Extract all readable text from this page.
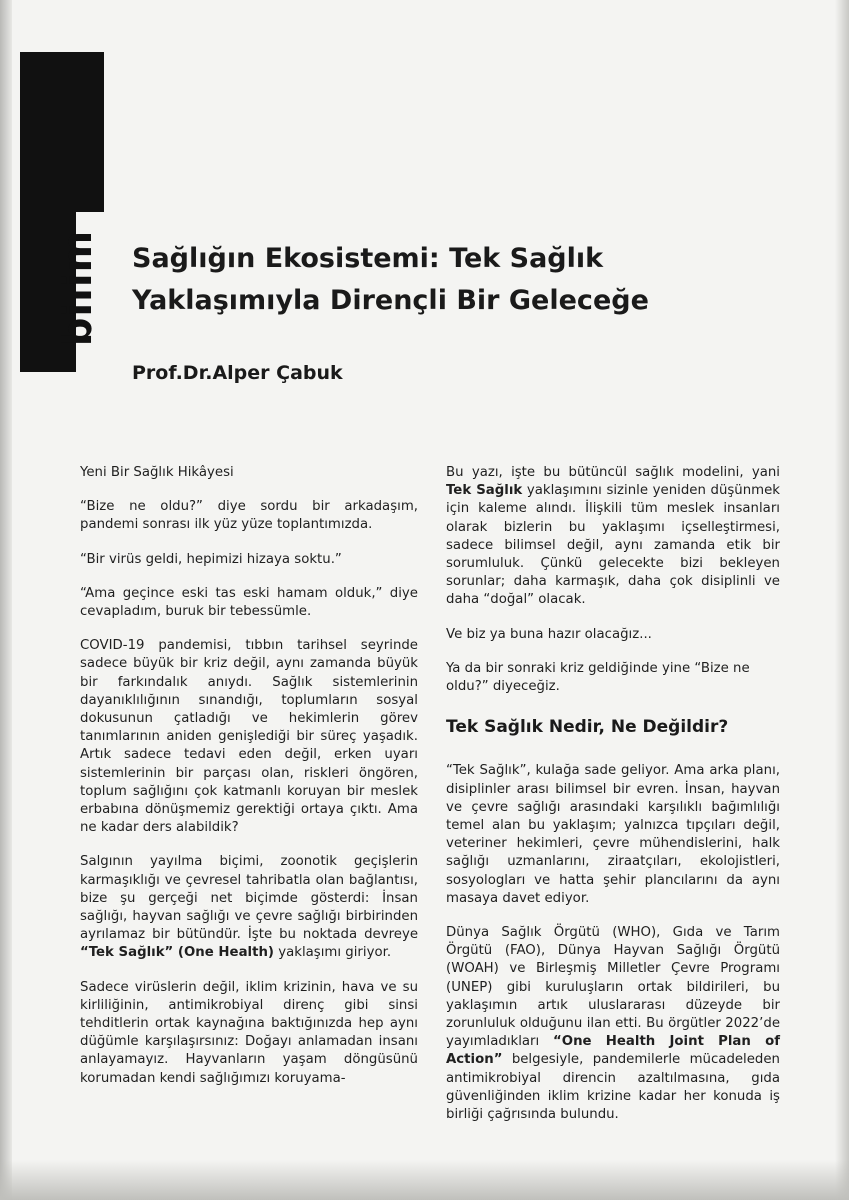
bilim Sağlığın Ekosistemi: Tek Sağlık
Yaklaşımıyla Dirençli Bir Geleceğe
Prof.Dr.Alper Çabuk

Yeni Bir Sağlık Hikâyesi

“Bize ne oldu?” diye sordu bir arkadaşım, pandemi sonrası ilk yüz yüze toplantımızda.

“Bir virüs geldi, hepimizi hizaya soktu.”

“Ama geçince eski tas eski hamam olduk,” diye cevapladım, buruk bir tebessümle.

COVID-19 pandemisi, tıbbın tarihsel seyrinde sadece büyük bir kriz değil, aynı zamanda büyük bir farkındalık anıydı. Sağlık sistemlerinin dayanıklılığının sınandığı, toplumların sosyal dokusunun çatladığı ve hekimlerin görev tanımlarının aniden genişlediği bir süreç yaşadık. Artık sadece tedavi eden değil, erken uyarı sistemlerinin bir parçası olan, riskleri öngören, toplum sağlığını çok katmanlı koruyan bir meslek erbabına dönüşmemiz gerektiği ortaya çıktı. Ama ne kadar ders alabildik?

Salgının yayılma biçimi, zoonotik geçişlerin karmaşıklığı ve çevresel tahribatla olan bağlantısı, bize şu gerçeği net biçimde gösterdi: İnsan sağlığı, hayvan sağlığı ve çevre sağlığı birbirinden ayrılamaz bir bütündür. İşte bu noktada devreye “Tek Sağlık” (One Health) yaklaşımı giriyor.

Sadece virüslerin değil, iklim krizinin, hava ve su kirliliğinin, antimikrobiyal direnç gibi sinsi tehditlerin ortak kaynağına baktığınızda hep aynı düğümle karşılaşırsınız: Doğayı anlamadan insanı anlayamayız. Hayvanların yaşam döngüsünü korumadan kendi sağlığımızı koruyama-

Bu yazı, işte bu bütüncül sağlık modelini, yani Tek Sağlık yaklaşımını sizinle yeniden düşünmek için kaleme alındı. İlişkili tüm meslek insanları olarak bizlerin bu yaklaşımı içselleştirmesi, sadece bilimsel değil, aynı zamanda etik bir sorumluluk. Çünkü gelecekte bizi bekleyen sorunlar; daha karmaşık, daha çok disiplinli ve daha “doğal” olacak.

Ve biz ya buna hazır olacağız...

Ya da bir sonraki kriz geldiğinde yine “Bize ne oldu?” diyeceğiz.

Tek Sağlık Nedir, Ne Değildir?

“Tek Sağlık”, kulağa sade geliyor. Ama arka planı, disiplinler arası bilimsel bir evren. İnsan, hayvan ve çevre sağlığı arasındaki karşılıklı bağımlılığı temel alan bu yaklaşım; yalnızca tıpçıları değil, veteriner hekimleri, çevre mühendislerini, halk sağlığı uzmanlarını, ziraatçıları, ekolojistleri, sosyologları ve hatta şehir plancılarını da aynı masaya davet ediyor.

Dünya Sağlık Örgütü (WHO), Gıda ve Tarım Örgütü (FAO), Dünya Hayvan Sağlığı Örgütü (WOAH) ve Birleşmiş Milletler Çevre Programı (UNEP) gibi kuruluşların ortak bildirileri, bu yaklaşımın artık uluslararası düzeyde bir zorunluluk olduğunu ilan etti. Bu örgütler 2022’de yayımladıkları “One Health Joint Plan of Action” belgesiyle, pandemilerle mücadeleden antimikrobiyal direncin azaltılmasına, gıda güvenliğinden iklim krizine kadar her konuda iş birliği çağrısında bulundu.
